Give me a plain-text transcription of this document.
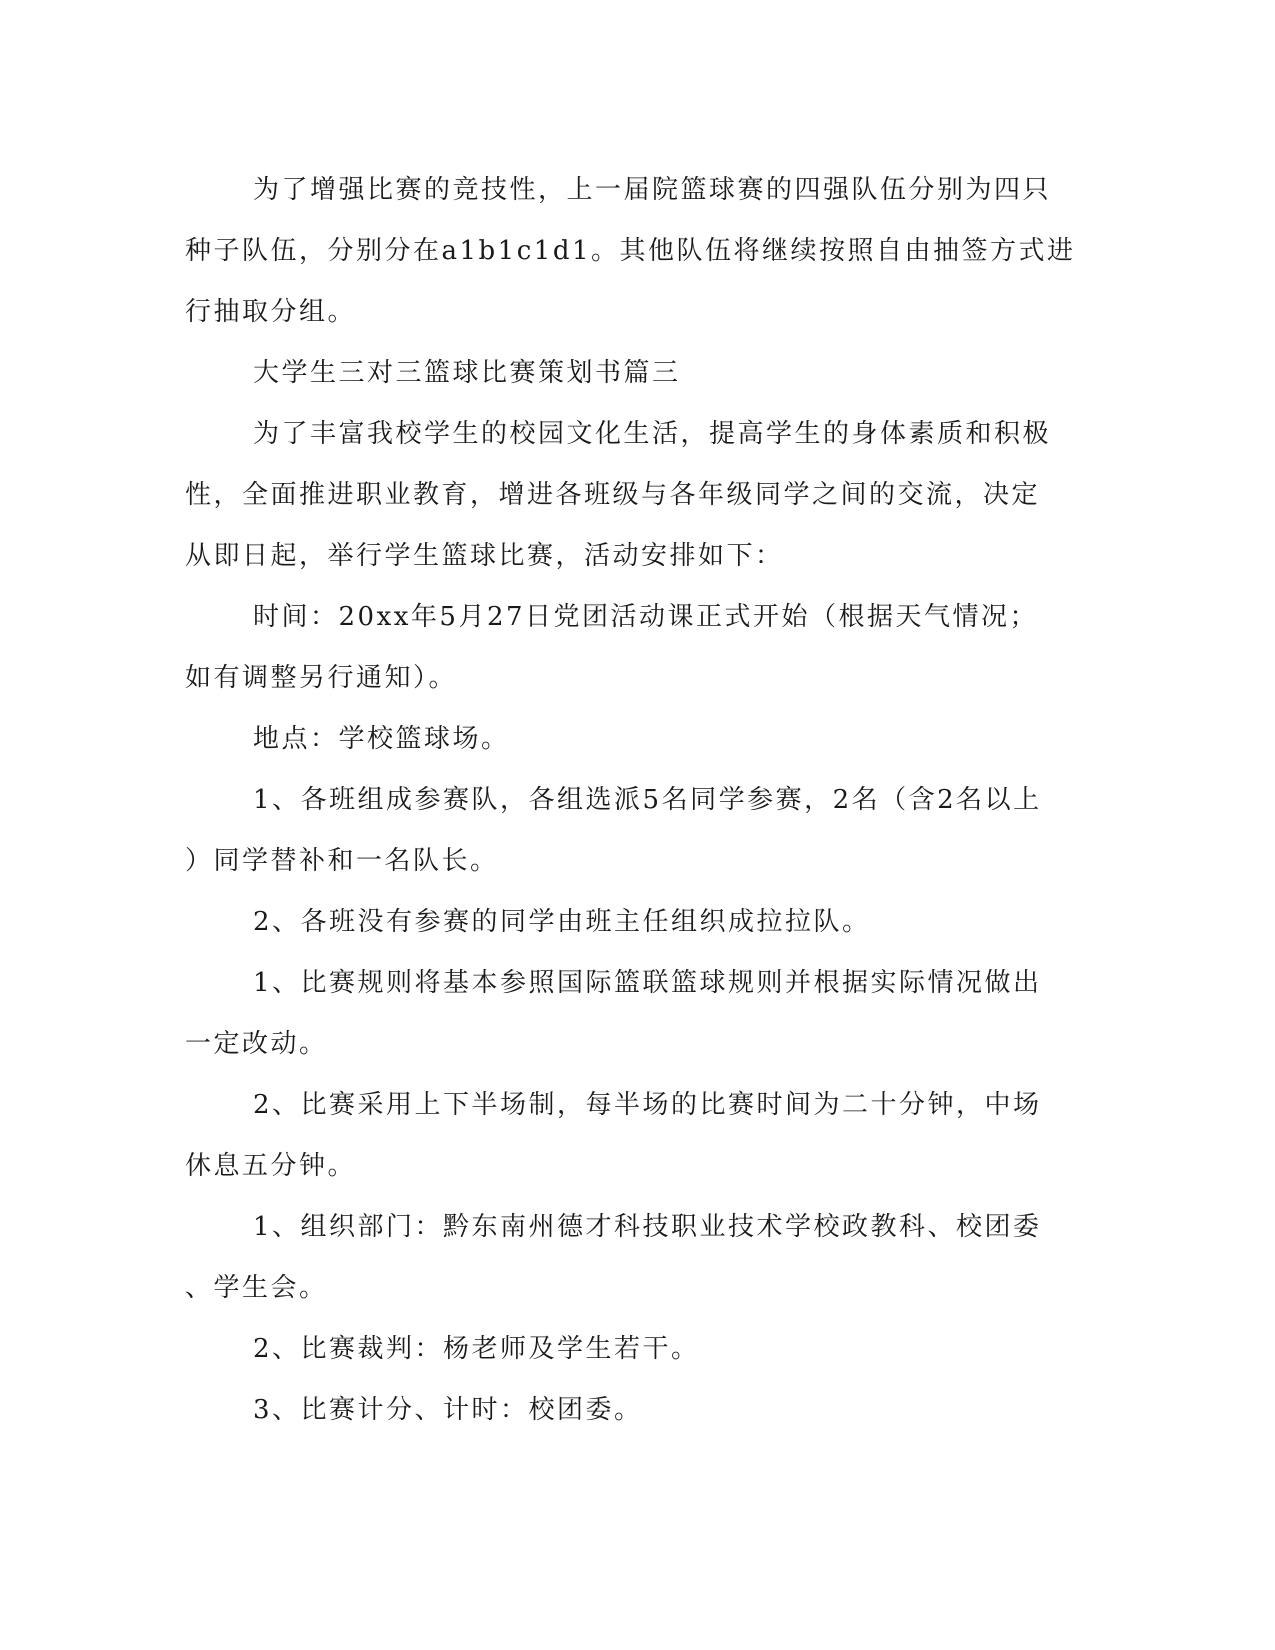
为了增强比赛的竞技性，上一届院篮球赛的四强队伍分别为四只
种子队伍，分别分在a1b1c1d1。其他队伍将继续按照自由抽签方式进
行抽取分组。
大学生三对三篮球比赛策划书篇三
为了丰富我校学生的校园文化生活，提高学生的身体素质和积极
性，全面推进职业教育，增进各班级与各年级同学之间的交流，决定
从即日起，举行学生篮球比赛，活动安排如下：
时间：20xx年5月27日党团活动课正式开始（根据天气情况；
如有调整另行通知）。
地点：学校篮球场。
1、各班组成参赛队，各组选派5名同学参赛，2名（含2名以上
）同学替补和一名队长。
2、各班没有参赛的同学由班主任组织成拉拉队。
1、比赛规则将基本参照国际篮联篮球规则并根据实际情况做出
一定改动。
2、比赛采用上下半场制，每半场的比赛时间为二十分钟，中场
休息五分钟。
1、组织部门：黔东南州德才科技职业技术学校政教科、校团委
、学生会。
2、比赛裁判：杨老师及学生若干。
3、比赛计分、计时：校团委。
